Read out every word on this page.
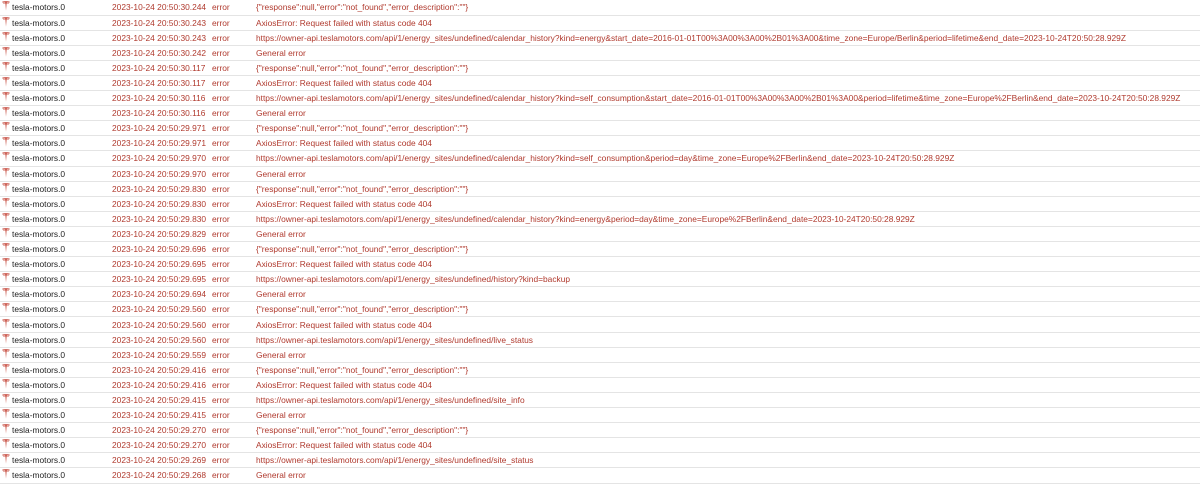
tesla-motors.0	2023-10-24 20:50:30.244	error	{"response":null,"error":"not_found","error_description":""}
tesla-motors.0	2023-10-24 20:50:30.243	error	AxiosError: Request failed with status code 404
tesla-motors.0	2023-10-24 20:50:30.243	error	https://owner-api.teslamotors.com/api/1/energy_sites/undefined/calendar_history?kind=energy&start_date=2016-01-01T00%3A00%3A00%2B01%3A00&time_zone=Europe/Berlin&period=lifetime&end_date=2023-10-24T20:50:28.929Z
tesla-motors.0	2023-10-24 20:50:30.242	error	General error
tesla-motors.0	2023-10-24 20:50:30.117	error	{"response":null,"error":"not_found","error_description":""}
tesla-motors.0	2023-10-24 20:50:30.117	error	AxiosError: Request failed with status code 404
tesla-motors.0	2023-10-24 20:50:30.116	error	https://owner-api.teslamotors.com/api/1/energy_sites/undefined/calendar_history?kind=self_consumption&start_date=2016-01-01T00%3A00%3A00%2B01%3A00&period=lifetime&time_zone=Europe%2FBerlin&end_date=2023-10-24T20:50:28.929Z
tesla-motors.0	2023-10-24 20:50:30.116	error	General error
tesla-motors.0	2023-10-24 20:50:29.971	error	{"response":null,"error":"not_found","error_description":""}
tesla-motors.0	2023-10-24 20:50:29.971	error	AxiosError: Request failed with status code 404
tesla-motors.0	2023-10-24 20:50:29.970	error	https://owner-api.teslamotors.com/api/1/energy_sites/undefined/calendar_history?kind=self_consumption&period=day&time_zone=Europe%2FBerlin&end_date=2023-10-24T20:50:28.929Z
tesla-motors.0	2023-10-24 20:50:29.970	error	General error
tesla-motors.0	2023-10-24 20:50:29.830	error	{"response":null,"error":"not_found","error_description":""}
tesla-motors.0	2023-10-24 20:50:29.830	error	AxiosError: Request failed with status code 404
tesla-motors.0	2023-10-24 20:50:29.830	error	https://owner-api.teslamotors.com/api/1/energy_sites/undefined/calendar_history?kind=energy&period=day&time_zone=Europe%2FBerlin&end_date=2023-10-24T20:50:28.929Z
tesla-motors.0	2023-10-24 20:50:29.829	error	General error
tesla-motors.0	2023-10-24 20:50:29.696	error	{"response":null,"error":"not_found","error_description":""}
tesla-motors.0	2023-10-24 20:50:29.695	error	AxiosError: Request failed with status code 404
tesla-motors.0	2023-10-24 20:50:29.695	error	https://owner-api.teslamotors.com/api/1/energy_sites/undefined/history?kind=backup
tesla-motors.0	2023-10-24 20:50:29.694	error	General error
tesla-motors.0	2023-10-24 20:50:29.560	error	{"response":null,"error":"not_found","error_description":""}
tesla-motors.0	2023-10-24 20:50:29.560	error	AxiosError: Request failed with status code 404
tesla-motors.0	2023-10-24 20:50:29.560	error	https://owner-api.teslamotors.com/api/1/energy_sites/undefined/live_status
tesla-motors.0	2023-10-24 20:50:29.559	error	General error
tesla-motors.0	2023-10-24 20:50:29.416	error	{"response":null,"error":"not_found","error_description":""}
tesla-motors.0	2023-10-24 20:50:29.416	error	AxiosError: Request failed with status code 404
tesla-motors.0	2023-10-24 20:50:29.415	error	https://owner-api.teslamotors.com/api/1/energy_sites/undefined/site_info
tesla-motors.0	2023-10-24 20:50:29.415	error	General error
tesla-motors.0	2023-10-24 20:50:29.270	error	{"response":null,"error":"not_found","error_description":""}
tesla-motors.0	2023-10-24 20:50:29.270	error	AxiosError: Request failed with status code 404
tesla-motors.0	2023-10-24 20:50:29.269	error	https://owner-api.teslamotors.com/api/1/energy_sites/undefined/site_status
tesla-motors.0	2023-10-24 20:50:29.268	error	General error
